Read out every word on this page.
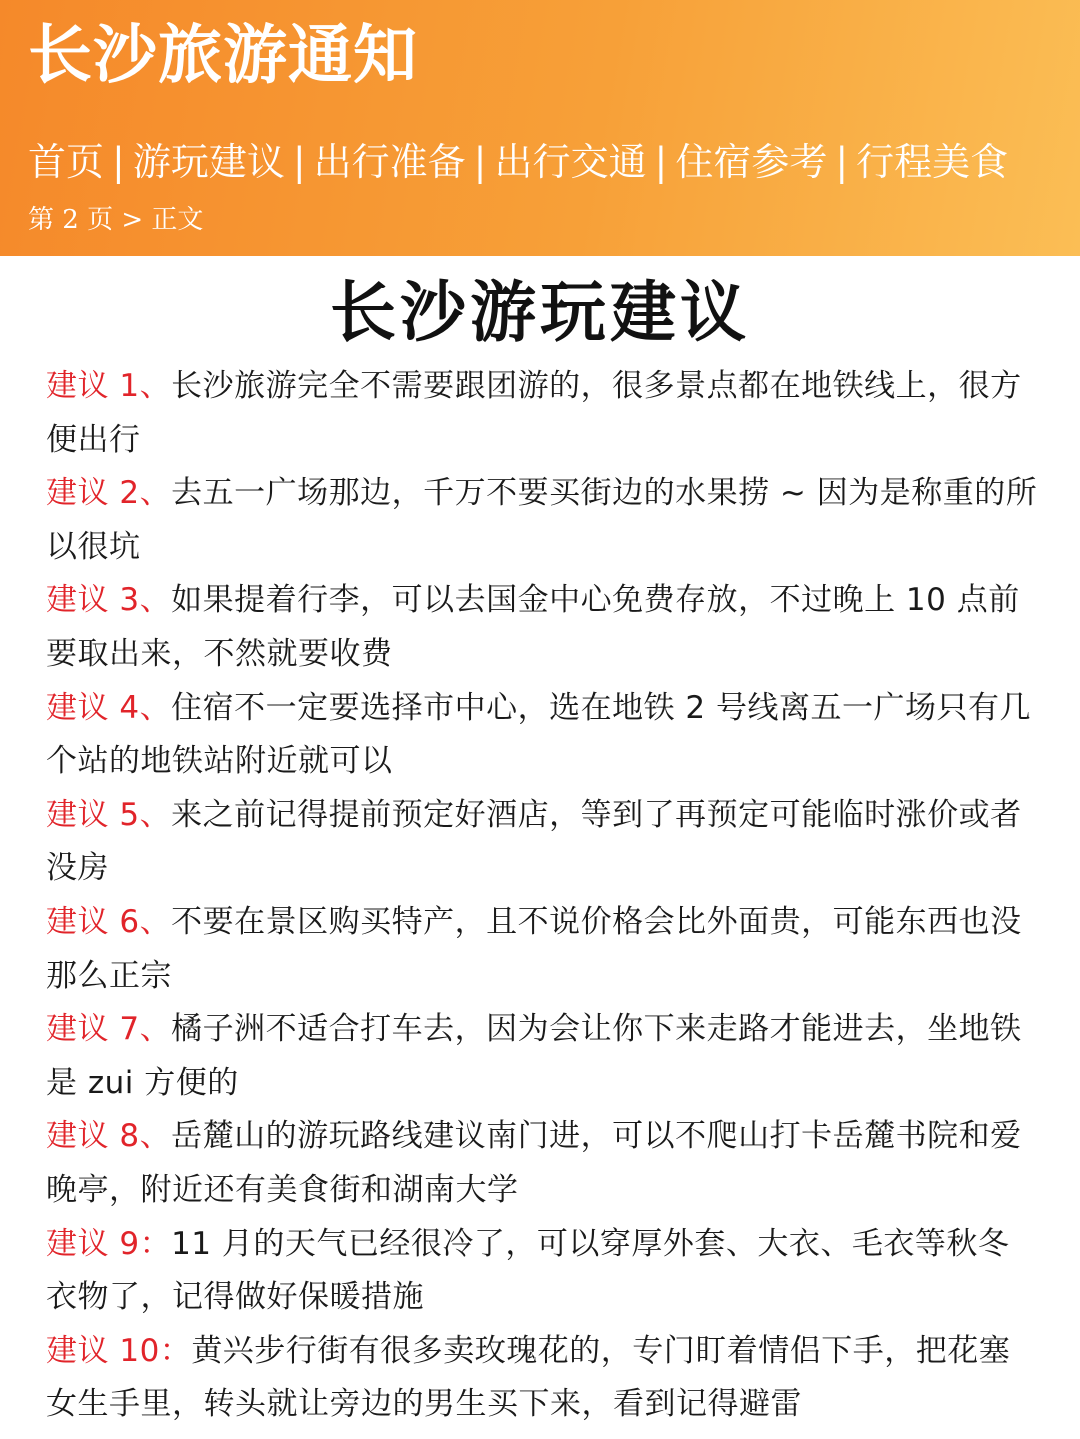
长沙旅游通知
首页 | 游玩建议 | 出行准备 | 出行交通 | 住宿参考 | 行程美食
第 2 页 > 正文
长沙游玩建议
建议 1、长沙旅游完全不需要跟团游的，很多景点都在地铁线上，很方便出行
建议 2、去五一广场那边，千万不要买街边的水果捞 ~ 因为是称重的所以很坑
建议 3、如果提着行李，可以去国金中心免费存放，不过晚上 10 点前要取出来，不然就要收费
建议 4、住宿不一定要选择市中心，选在地铁 2 号线离五一广场只有几个站的地铁站附近就可以
建议 5、来之前记得提前预定好酒店，等到了再预定可能临时涨价或者没房
建议 6、不要在景区购买特产，且不说价格会比外面贵，可能东西也没那么正宗
建议 7、橘子洲不适合打车去，因为会让你下来走路才能进去，坐地铁是 zui 方便的
建议 8、岳麓山的游玩路线建议南门进，可以不爬山打卡岳麓书院和爱晚亭，附近还有美食街和湖南大学
建议 9：11 月的天气已经很冷了，可以穿厚外套、大衣、毛衣等秋冬衣物了，记得做好保暖措施
建议 10：黄兴步行街有很多卖玫瑰花的，专门盯着情侣下手，把花塞女生手里，转头就让旁边的男生买下来，看到记得避雷
